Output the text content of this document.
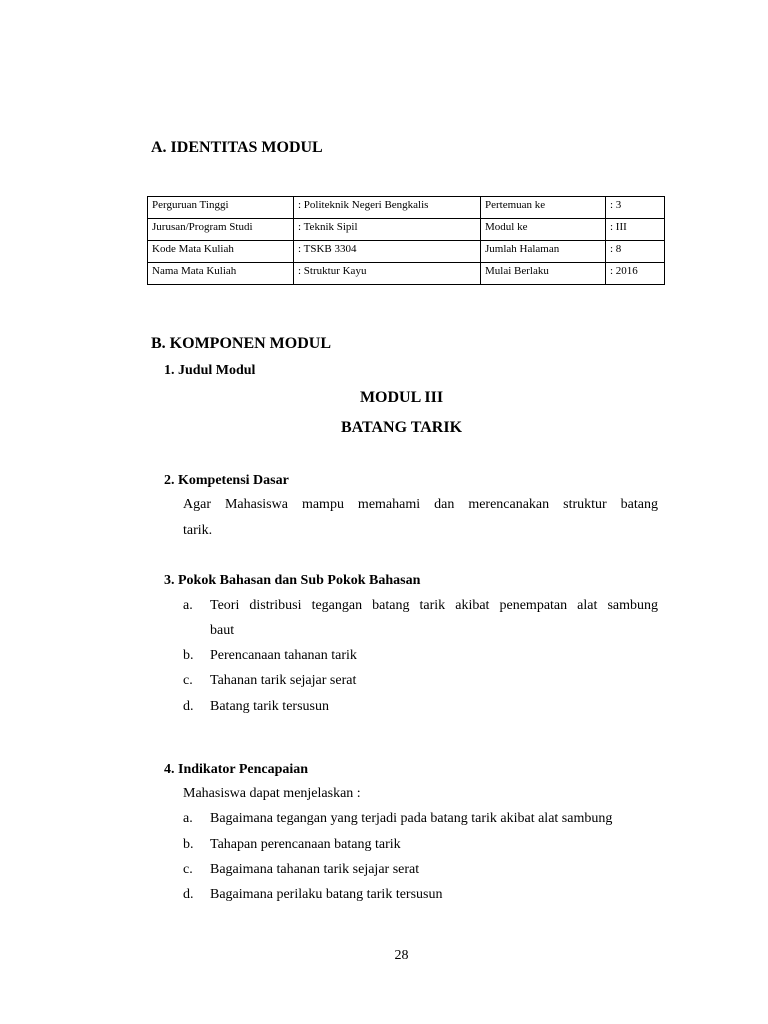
A. IDENTITAS MODUL
Perguruan Tinggi	: Politeknik Negeri Bengkalis	Pertemuan ke	: 3
Jurusan/Program Studi	: Teknik Sipil	Modul ke	: III
Kode Mata Kuliah	: TSKB 3304	Jumlah Halaman	: 8
Nama Mata Kuliah	: Struktur Kayu	Mulai Berlaku	: 2016
B. KOMPONEN MODUL
1. Judul Modul
MODUL III
BATANG TARIK
2. Kompetensi Dasar
Agar Mahasiswa mampu memahami dan merencanakan struktur batang
tarik.
3. Pokok Bahasan dan Sub Pokok Bahasan
a. Teori distribusi tegangan batang tarik akibat penempatan alat sambung
baut
b. Perencanaan tahanan tarik
c. Tahanan tarik sejajar serat
d. Batang tarik tersusun
4. Indikator Pencapaian
Mahasiswa dapat menjelaskan :
a. Bagaimana tegangan yang terjadi pada batang tarik akibat alat sambung
b. Tahapan perencanaan batang tarik
c. Bagaimana tahanan tarik sejajar serat
d. Bagaimana perilaku batang tarik tersusun
28
